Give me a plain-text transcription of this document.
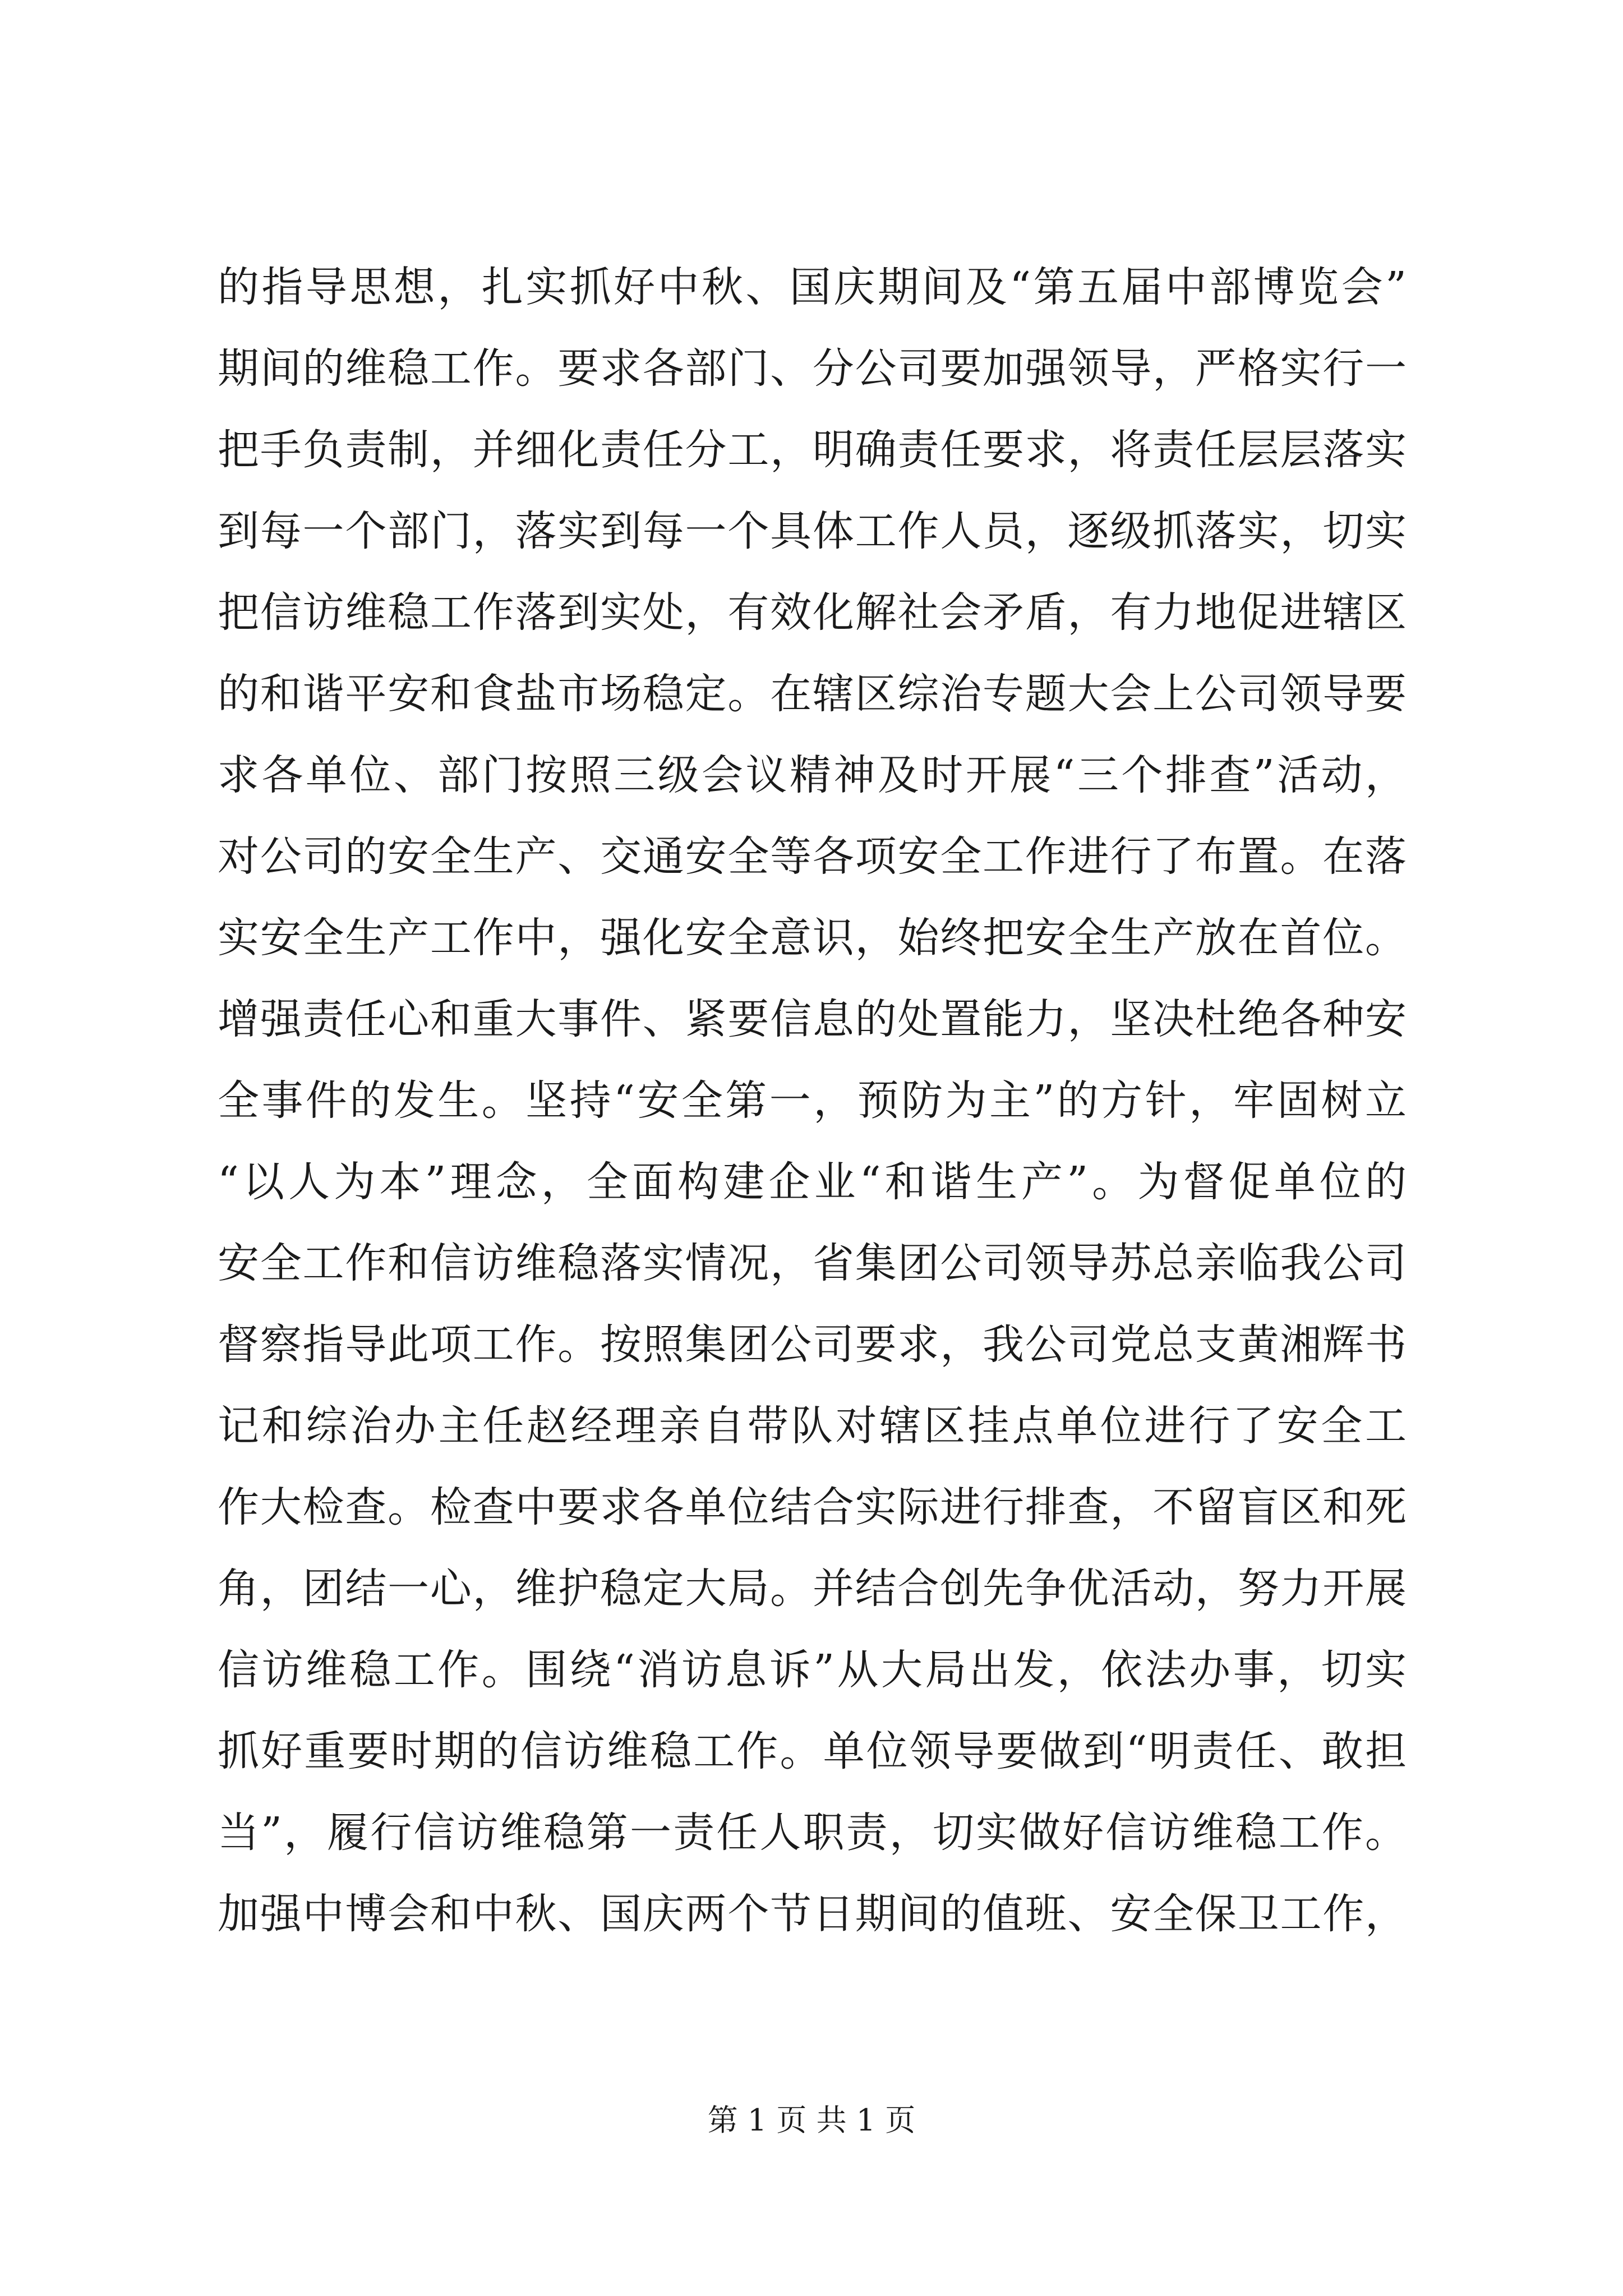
的指导思想，扎实抓好中秋、国庆期间及“第五届中部博览会”
期间的维稳工作。要求各部门、分公司要加强领导，严格实行一
把手负责制，并细化责任分工，明确责任要求，将责任层层落实
到每一个部门，落实到每一个具体工作人员，逐级抓落实，切实
把信访维稳工作落到实处，有效化解社会矛盾，有力地促进辖区
的和谐平安和食盐市场稳定。在辖区综治专题大会上公司领导要
求各单位、部门按照三级会议精神及时开展“三个排查”活动，
对公司的安全生产、交通安全等各项安全工作进行了布置。在落
实安全生产工作中，强化安全意识，始终把安全生产放在首位。
增强责任心和重大事件、紧要信息的处置能力，坚决杜绝各种安
全事件的发生。坚持“安全第一，预防为主”的方针，牢固树立
“以人为本”理念，全面构建企业“和谐生产”。为督促单位的
安全工作和信访维稳落实情况，省集团公司领导苏总亲临我公司
督察指导此项工作。按照集团公司要求，我公司党总支黄湘辉书
记和综治办主任赵经理亲自带队对辖区挂点单位进行了安全工
作大检查。检查中要求各单位结合实际进行排查，不留盲区和死
角，团结一心，维护稳定大局。并结合创先争优活动，努力开展
信访维稳工作。围绕“消访息诉”从大局出发，依法办事，切实
抓好重要时期的信访维稳工作。单位领导要做到“明责任、敢担
当”，履行信访维稳第一责任人职责，切实做好信访维稳工作。
加强中博会和中秋、国庆两个节日期间的值班、安全保卫工作，
第 1 页 共 1 页
